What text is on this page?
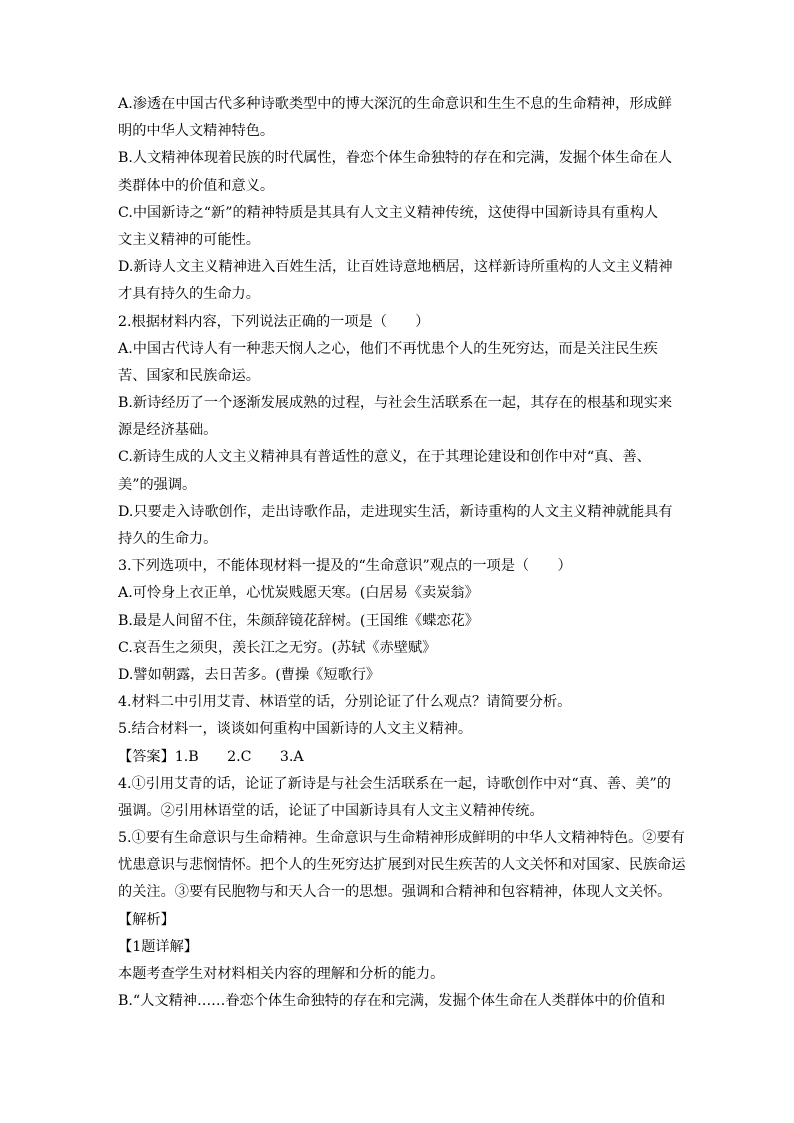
A.渗透在中国古代多种诗歌类型中的博大深沉的生命意识和生生不息的生命精神，形成鲜
明的中华人文精神特色。
B.人文精神体现着民族的时代属性，眷恋个体生命独特的存在和完满，发掘个体生命在人
类群体中的价值和意义。
C.中国新诗之“新”的精神特质是其具有人文主义精神传统，这使得中国新诗具有重构人
文主义精神的可能性。
D.新诗人文主义精神进入百姓生活，让百姓诗意地栖居，这样新诗所重构的人文主义精神
才具有持久的生命力。
2.根据材料内容，下列说法正确的一项是（　　）
A.中国古代诗人有一种悲天悯人之心，他们不再忧患个人的生死穷达，而是关注民生疾
苦、国家和民族命运。
B.新诗经历了一个逐渐发展成熟的过程，与社会生活联系在一起，其存在的根基和现实来
源是经济基础。
C.新诗生成的人文主义精神具有普适性的意义，在于其理论建设和创作中对“真、善、
美”的强调。
D.只要走入诗歌创作，走出诗歌作品，走进现实生活，新诗重构的人文主义精神就能具有
持久的生命力。
3.下列选项中，不能体现材料一提及的“生命意识”观点的一项是（　　）
A.可怜身上衣正单，心忧炭贱愿天寒。(白居易《卖炭翁》
B.最是人间留不住，朱颜辞镜花辞树。(王国维《蝶恋花》
C.哀吾生之须臾，羡长江之无穷。(苏轼《赤壁赋》
D.譬如朝露，去日苦多。(曹操《短歌行》
4.材料二中引用艾青、林语堂的话，分别论证了什么观点？请简要分析。
5.结合材料一，谈谈如何重构中国新诗的人文主义精神。
【答案】1.B　　2.C　　3.A
4.①引用艾青的话，论证了新诗是与社会生活联系在一起，诗歌创作中对“真、善、美”的
强调。②引用林语堂的话，论证了中国新诗具有人文主义精神传统。
5.①要有生命意识与生命精神。生命意识与生命精神形成鲜明的中华人文精神特色。②要有
忧患意识与悲悯情怀。把个人的生死穷达扩展到对民生疾苦的人文关怀和对国家、民族命运
的关注。③要有民胞物与和天人合一的思想。强调和合精神和包容精神，体现人文关怀。
【解析】
【1题详解】
本题考查学生对材料相关内容的理解和分析的能力。
B.“人文精神……眷恋个体生命独特的存在和完满，发掘个体生命在人类群体中的价值和
